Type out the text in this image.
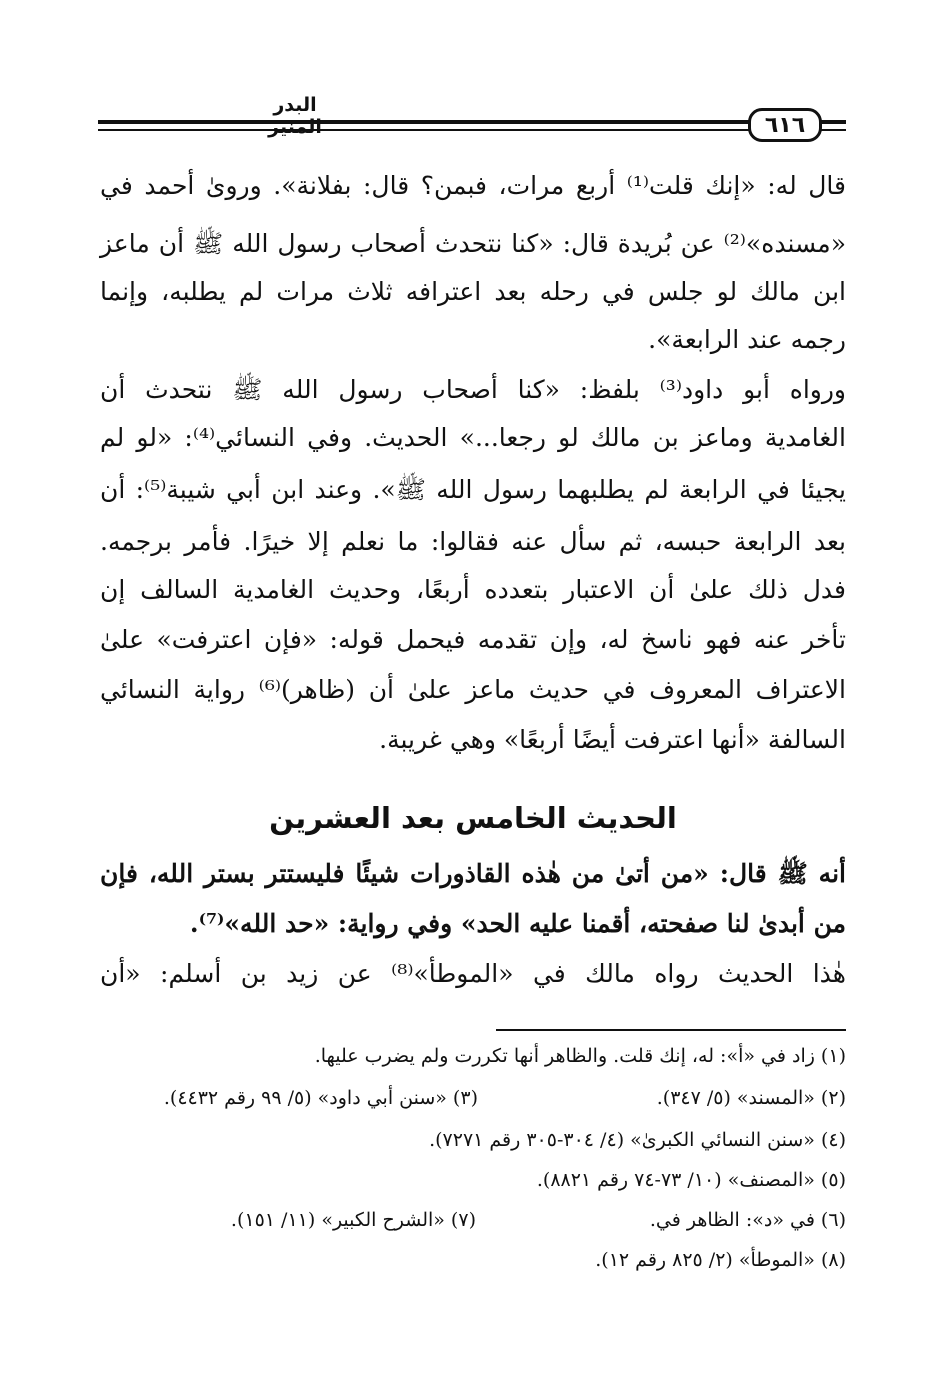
البدر المنير	٦١٦
قال له: «إنك قلت⁽¹⁾ أربع مرات، فبمن؟ قال: بفلانة». وروىٰ أحمد في
«مسنده»⁽²⁾ عن بُريدة قال: «كنا نتحدث أصحاب رسول الله ﷺ أن ماعز
ابن مالك لو جلس في رحله بعد اعترافه ثلاث مرات لم يطلبه، وإنما
رجمه عند الرابعة».
ورواه أبو داود⁽³⁾ بلفظ: «كنا أصحاب رسول الله ﷺ نتحدث أن
الغامدية وماعز بن مالك لو رجعا...» الحديث. وفي النسائي⁽⁴⁾: «لو لم
يجيئا في الرابعة لم يطلبهما رسول الله ﷺ». وعند ابن أبي شيبة⁽⁵⁾: أن
بعد الرابعة حبسه، ثم سأل عنه فقالوا: ما نعلم إلا خيرًا. فأمر برجمه.
فدل ذلك علىٰ أن الاعتبار بتعدده أربعًا، وحديث الغامدية السالف إن
تأخر عنه فهو ناسخ له، وإن تقدمه فيحمل قوله: «فإن اعترفت» علىٰ
الاعتراف المعروف في حديث ماعز علىٰ أن (ظاهر)⁽⁶⁾ رواية النسائي
السالفة «أنها اعترفت أيضًا أربعًا» وهي غريبة.
الحديث الخامس بعد العشرين
أنه ﷺ قال: «من أتىٰ من هٰذه القاذورات شيئًا فليستتر بستر الله، فإن
من أبدىٰ لنا صفحته، أقمنا عليه الحد» وفي رواية: «حد الله»⁽⁷⁾.
هٰذا الحديث رواه مالك في «الموطأ»⁽⁸⁾ عن زيد بن أسلم: «أن
(١) زاد في «أ»: له، إنك قلت. والظاهر أنها تكررت ولم يضرب عليها.
(٢) «المسند» (٥/ ٣٤٧).
(٣) «سنن أبي داود» (٥/ ٩٩ رقم ٤٤٣٢).
(٤) «سنن النسائي الكبرىٰ» (٤/ ٣٠٤-٣٠٥ رقم ٧٢٧١).
(٥) «المصنف» (١٠/ ٧٣-٧٤ رقم ٨٨٢١).
(٦) في «د»: الظاهر في.
(٧) «الشرح الكبير» (١١/ ١٥١).
(٨) «الموطأ» (٢/ ٨٢٥ رقم ١٢).
